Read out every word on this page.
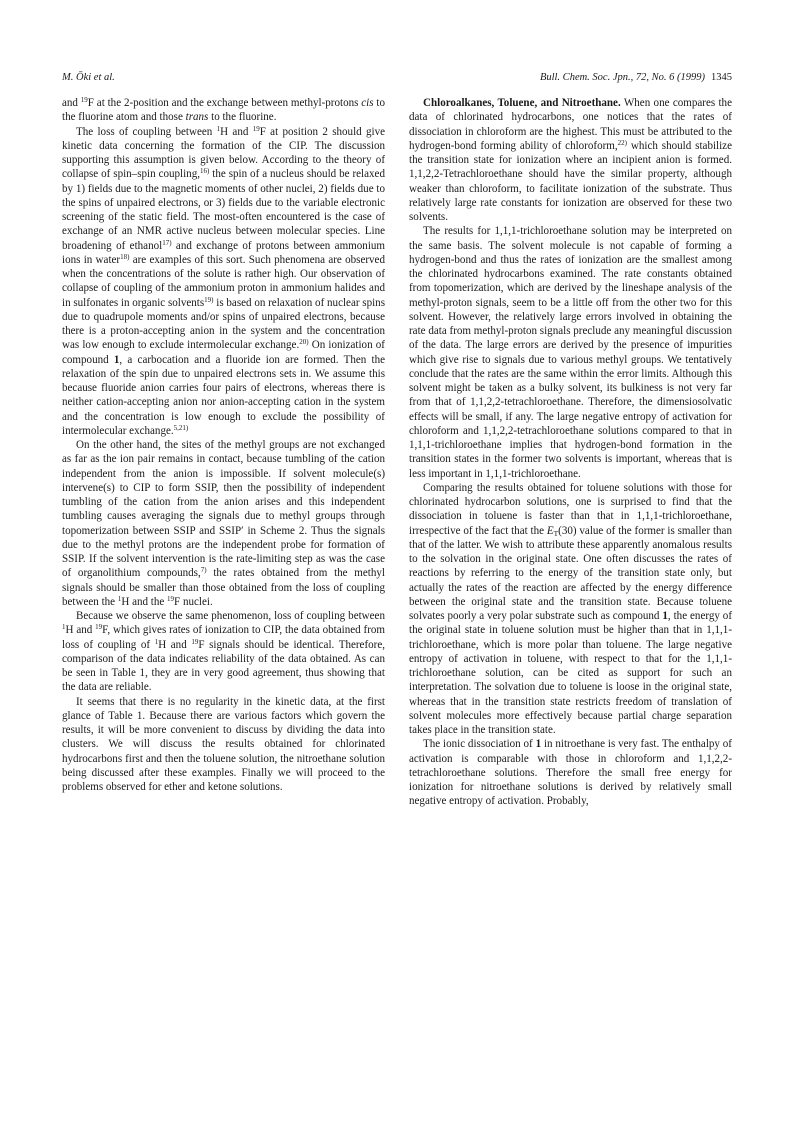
M. Ōki et al.	Bull. Chem. Soc. Jpn., 72, No. 6 (1999) 1345

and $^{19}$F at the 2-position and the exchange between methyl-protons cis to the fluorine atom and those trans to the fluorine.

The loss of coupling between $^1$H and $^{19}$F at position 2 should give kinetic data concerning the formation of the CIP. The discussion supporting this assumption is given below. According to the theory of collapse of spin–spin coupling,$^{16)}$ the spin of a nucleus should be relaxed by 1) fields due to the magnetic moments of other nuclei, 2) fields due to the spins of unpaired electrons, or 3) fields due to the variable electronic screening of the static field. The most-often encountered is the case of exchange of an NMR active nucleus between molecular species. Line broadening of ethanol$^{17)}$ and exchange of protons between ammonium ions in water$^{18)}$ are examples of this sort. Such phenomena are observed when the concentrations of the solute is rather high. Our observation of collapse of coupling of the ammonium proton in ammonium halides and in sulfonates in organic solvents$^{19)}$ is based on relaxation of nuclear spins due to quadrupole moments and/or spins of unpaired electrons, because there is a proton-accepting anion in the system and the concentration was low enough to exclude intermolecular exchange.$^{20)}$ On ionization of compound 1, a carbocation and a fluoride ion are formed. Then the relaxation of the spin due to unpaired electrons sets in. We assume this because fluoride anion carries four pairs of electrons, whereas there is neither cation-accepting anion nor anion-accepting cation in the system and the concentration is low enough to exclude the possibility of intermolecular exchange.$^{5,21)}$

On the other hand, the sites of the methyl groups are not exchanged as far as the ion pair remains in contact, because tumbling of the cation independent from the anion is impossible. If solvent molecule(s) intervene(s) to CIP to form SSIP, then the possibility of independent tumbling of the cation from the anion arises and this independent tumbling causes averaging the signals due to methyl groups through topomerization between SSIP and SSIP′ in Scheme 2. Thus the signals due to the methyl protons are the independent probe for formation of SSIP. If the solvent intervention is the rate-limiting step as was the case of organolithium compounds,$^{7)}$ the rates obtained from the methyl signals should be smaller than those obtained from the loss of coupling between the $^1$H and the $^{19}$F nuclei.

Because we observe the same phenomenon, loss of coupling between $^1$H and $^{19}$F, which gives rates of ionization to CIP, the data obtained from loss of coupling of $^1$H and $^{19}$F signals should be identical. Therefore, comparison of the data indicates reliability of the data obtained. As can be seen in Table 1, they are in very good agreement, thus showing that the data are reliable.

It seems that there is no regularity in the kinetic data, at the first glance of Table 1. Because there are various factors which govern the results, it will be more convenient to discuss by dividing the data into clusters. We will discuss the results obtained for chlorinated hydrocarbons first and then the toluene solution, the nitroethane solution being discussed after these examples. Finally we will proceed to the problems observed for ether and ketone solutions.

Chloroalkanes, Toluene, and Nitroethane. When one compares the data of chlorinated hydrocarbons, one notices that the rates of dissociation in chloroform are the highest. This must be attributed to the hydrogen-bond forming ability of chloroform,$^{22)}$ which should stabilize the transition state for ionization where an incipient anion is formed. 1,1,2,2-Tetrachloroethane should have the similar property, although weaker than chloroform, to facilitate ionization of the substrate. Thus relatively large rate constants for ionization are observed for these two solvents.

The results for 1,1,1-trichloroethane solution may be interpreted on the same basis. The solvent molecule is not capable of forming a hydrogen-bond and thus the rates of ionization are the smallest among the chlorinated hydrocarbons examined. The rate constants obtained from topomerization, which are derived by the lineshape analysis of the methyl-proton signals, seem to be a little off from the other two for this solvent. However, the relatively large errors involved in obtaining the rate data from methyl-proton signals preclude any meaningful discussion of the data. The large errors are derived by the presence of impurities which give rise to signals due to various methyl groups. We tentatively conclude that the rates are the same within the error limits. Although this solvent might be taken as a bulky solvent, its bulkiness is not very far from that of 1,1,2,2-tetrachloroethane. Therefore, the dimensiosolvatic effects will be small, if any. The large negative entropy of activation for chloroform and 1,1,2,2-tetrachloroethane solutions compared to that in 1,1,1-trichloroethane implies that hydrogen-bond formation in the transition states in the former two solvents is important, whereas that is less important in 1,1,1-trichloroethane.

Comparing the results obtained for toluene solutions with those for chlorinated hydrocarbon solutions, one is surprised to find that the dissociation in toluene is faster than that in 1,1,1-trichloroethane, irrespective of the fact that the $E_T(30)$ value of the former is smaller than that of the latter. We wish to attribute these apparently anomalous results to the solvation in the original state. One often discusses the rates of reactions by referring to the energy of the transition state only, but actually the rates of the reaction are affected by the energy difference between the original state and the transition state. Because toluene solvates poorly a very polar substrate such as compound 1, the energy of the original state in toluene solution must be higher than that in 1,1,1-trichloroethane, which is more polar than toluene. The large negative entropy of activation in toluene, with respect to that for the 1,1,1-trichloroethane solution, can be cited as support for such an interpretation. The solvation due to toluene is loose in the original state, whereas that in the transition state restricts freedom of translation of solvent molecules more effectively because partial charge separation takes place in the transition state.

The ionic dissociation of 1 in nitroethane is very fast. The enthalpy of activation is comparable with those in chloroform and 1,1,2,2-tetrachloroethane solutions. Therefore the small free energy for ionization for nitroethane solutions is derived by relatively small negative entropy of activation. Probably,
